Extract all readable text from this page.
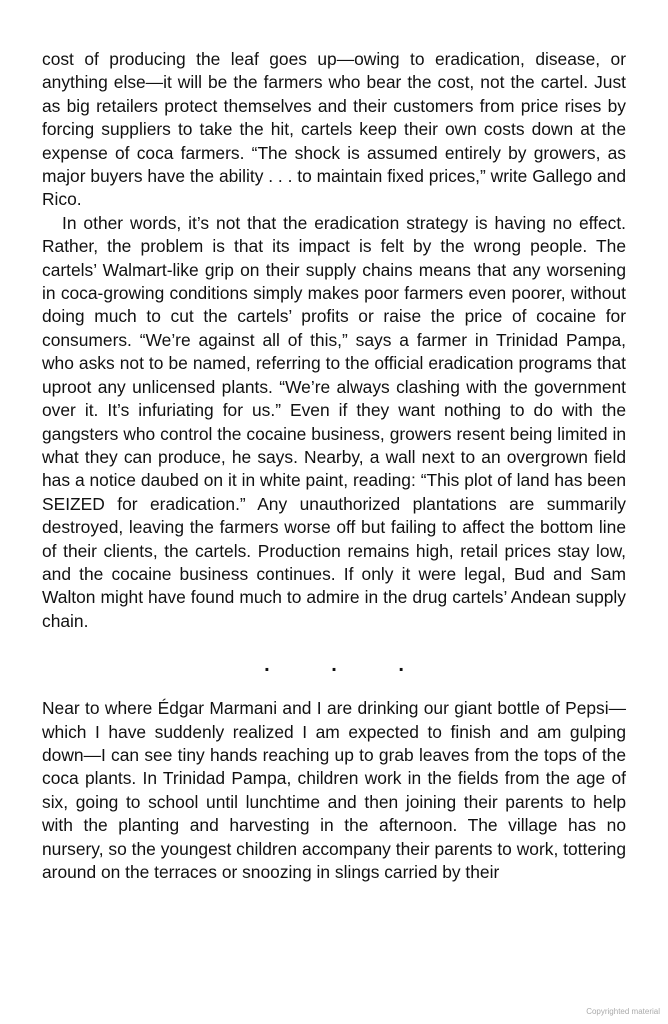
cost of producing the leaf goes up—owing to eradication, disease, or anything else—it will be the farmers who bear the cost, not the cartel. Just as big retailers protect themselves and their customers from price rises by forcing suppliers to take the hit, cartels keep their own costs down at the expense of coca farmers. “The shock is assumed entirely by growers, as major buyers have the ability . . . to maintain fixed prices,” write Gallego and Rico.

In other words, it’s not that the eradication strategy is having no effect. Rather, the problem is that its impact is felt by the wrong people. The cartels’ Walmart-like grip on their supply chains means that any worsening in coca-growing conditions simply makes poor farmers even poorer, without doing much to cut the cartels’ profits or raise the price of cocaine for consumers. “We’re against all of this,” says a farmer in Trinidad Pampa, who asks not to be named, referring to the official eradication programs that uproot any unlicensed plants. “We’re always clashing with the government over it. It’s infuriating for us.” Even if they want nothing to do with the gangsters who control the cocaine business, growers resent being limited in what they can produce, he says. Nearby, a wall next to an overgrown field has a notice daubed on it in white paint, reading: “This plot of land has been SEIZED for eradication.” Any unauthorized plantations are summarily destroyed, leaving the farmers worse off but failing to affect the bottom line of their clients, the cartels. Production remains high, retail prices stay low, and the cocaine business continues. If only it were legal, Bud and Sam Walton might have found much to admire in the drug cartels’ Andean supply chain.

. . .

Near to where Édgar Marmani and I are drinking our giant bottle of Pepsi—which I have suddenly realized I am expected to finish and am gulping down—I can see tiny hands reaching up to grab leaves from the tops of the coca plants. In Trinidad Pampa, children work in the fields from the age of six, going to school until lunchtime and then joining their parents to help with the planting and harvesting in the afternoon. The village has no nursery, so the youngest children accompany their parents to work, tottering around on the terraces or snoozing in slings carried by their

Copyrighted material
